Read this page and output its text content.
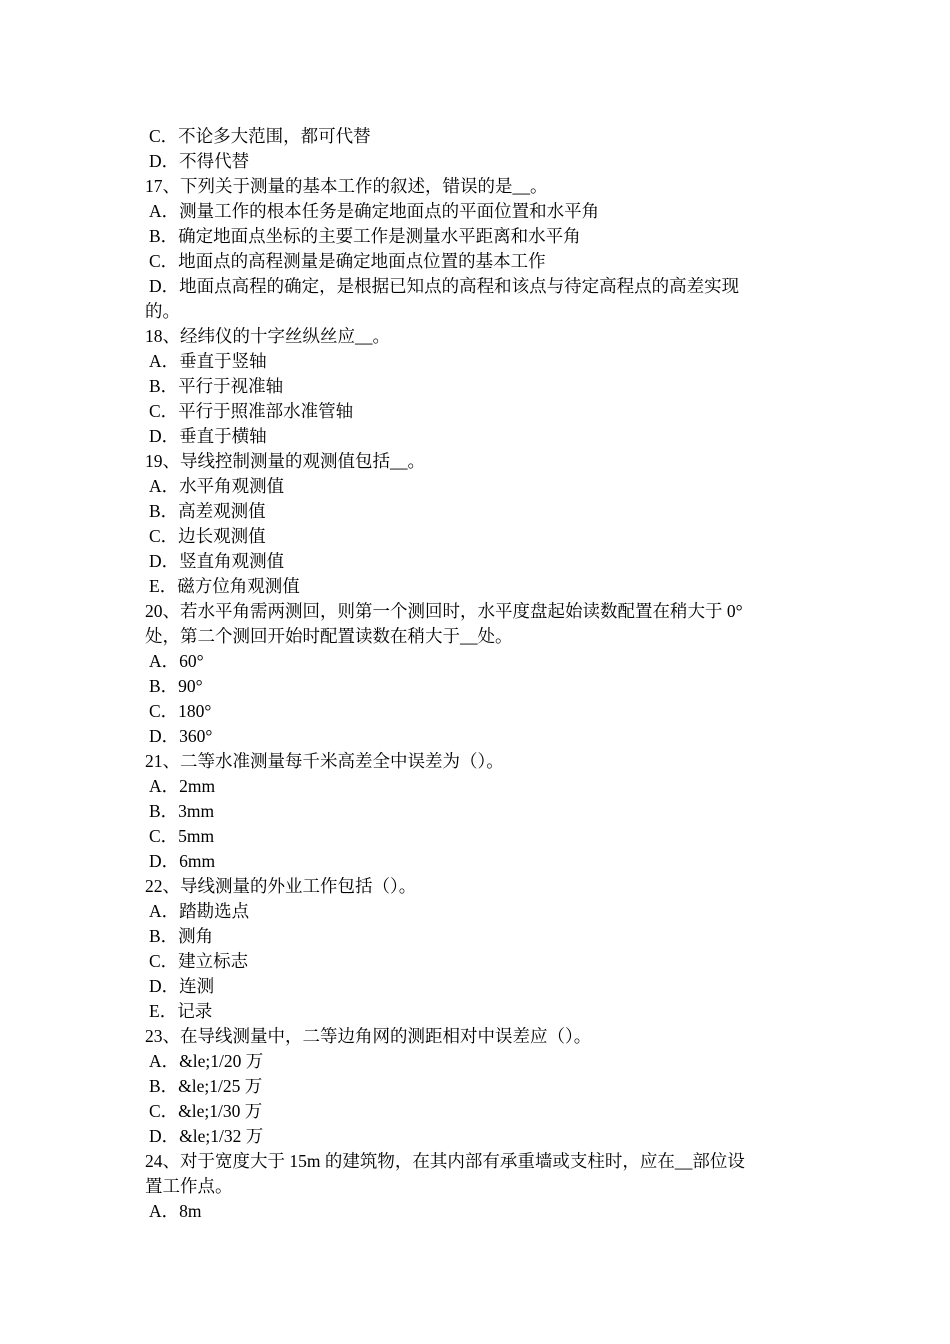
C．不论多大范围，都可代替
D．不得代替
17、下列关于测量的基本工作的叙述，错误的是__。
A．测量工作的根本任务是确定地面点的平面位置和水平角
B．确定地面点坐标的主要工作是测量水平距离和水平角
C．地面点的高程测量是确定地面点位置的基本工作
D．地面点高程的确定，是根据已知点的高程和该点与待定高程点的高差实现
的。
18、经纬仪的十字丝纵丝应__。
A．垂直于竖轴
B．平行于视准轴
C．平行于照准部水准管轴
D．垂直于横轴
19、导线控制测量的观测值包括__。
A．水平角观测值
B．高差观测值
C．边长观测值
D．竖直角观测值
E．磁方位角观测值
20、若水平角需两测回，则第一个测回时，水平度盘起始读数配置在稍大于 0°
处，第二个测回开始时配置读数在稍大于__处。
A．60°
B．90°
C．180°
D．360°
21、二等水准测量每千米高差全中误差为（）。
A．2mm
B．3mm
C．5mm
D．6mm
22、导线测量的外业工作包括（）。
A．踏勘选点
B．测角
C．建立标志
D．连测
E．记录
23、在导线测量中，二等边角网的测距相对中误差应（）。
A．&le;1/20 万
B．&le;1/25 万
C．&le;1/30 万
D．&le;1/32 万
24、对于宽度大于 15m 的建筑物，在其内部有承重墙或支柱时，应在__部位设
置工作点。
A．8m
